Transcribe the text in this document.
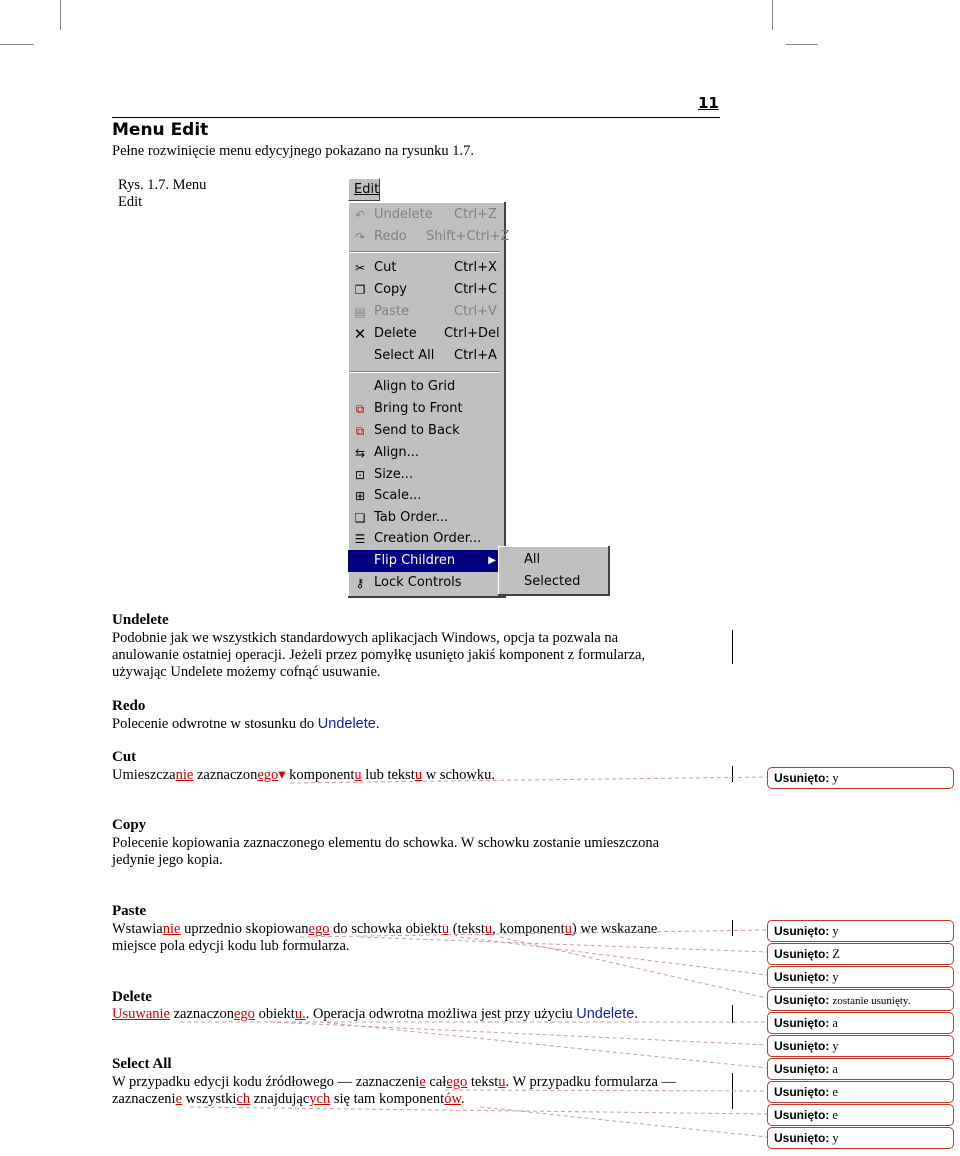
11
Menu Edit
Pełne rozwinięcie menu edycyjnego pokazano na rysunku 1.7.
Rys. 1.7. Menu
Edit
Edit
↶ Undelete Ctrl+Z
↷ Redo Shift+Ctrl+Z
✂ Cut	Ctrl+X
❐ Copy	Ctrl+C
▤ Paste	Ctrl+V
✕ Delete Ctrl+Del
Select All Ctrl+A
Align to Grid
⧉ Bring to Front
⧉ Send to Back
⇆ Align...
⊡ Size...
⊞ Scale...
❏ Tab Order...
☰ Creation Order...
Flip Children	▶
⚷ Lock Controls
All
Selected
Undelete
Podobnie jak we wszystkich standardowych aplikacjach Windows, opcja ta pozwala na
anulowanie ostatniej operacji. Jeżeli przez pomyłkę usunięto jakiś komponent z formularza,
używając Undelete możemy cofnąć usuwanie.
Redo
Polecenie odwrotne w stosunku do Undelete.
Cut
Umieszczanie zaznaczonego▾ komponentu lub tekstu w schowku.
Copy
Polecenie kopiowania zaznaczonego elementu do schowka. W schowku zostanie umieszczona
jedynie jego kopia.
Paste
Wstawianie uprzednio skopiowanego do schowka obiektu (tekstu, komponentu) we wskazane
miejsce pola edycji kodu lub formularza.
Delete
Usuwanie zaznaczonego obiektu.. Operacja odwrotna możliwa jest przy użyciu Undelete.
Select All
W przypadku edycji kodu źródłowego — zaznaczenie całego tekstu. W przypadku formularza —
zaznaczenie wszystkich znajdujących się tam komponentów.
Usunięto: y
Usunięto: y
Usunięto: Z
Usunięto: y
Usunięto: zostanie usunięty.
Usunięto: a
Usunięto: y
Usunięto: a
Usunięto: e
Usunięto: e
Usunięto: y
